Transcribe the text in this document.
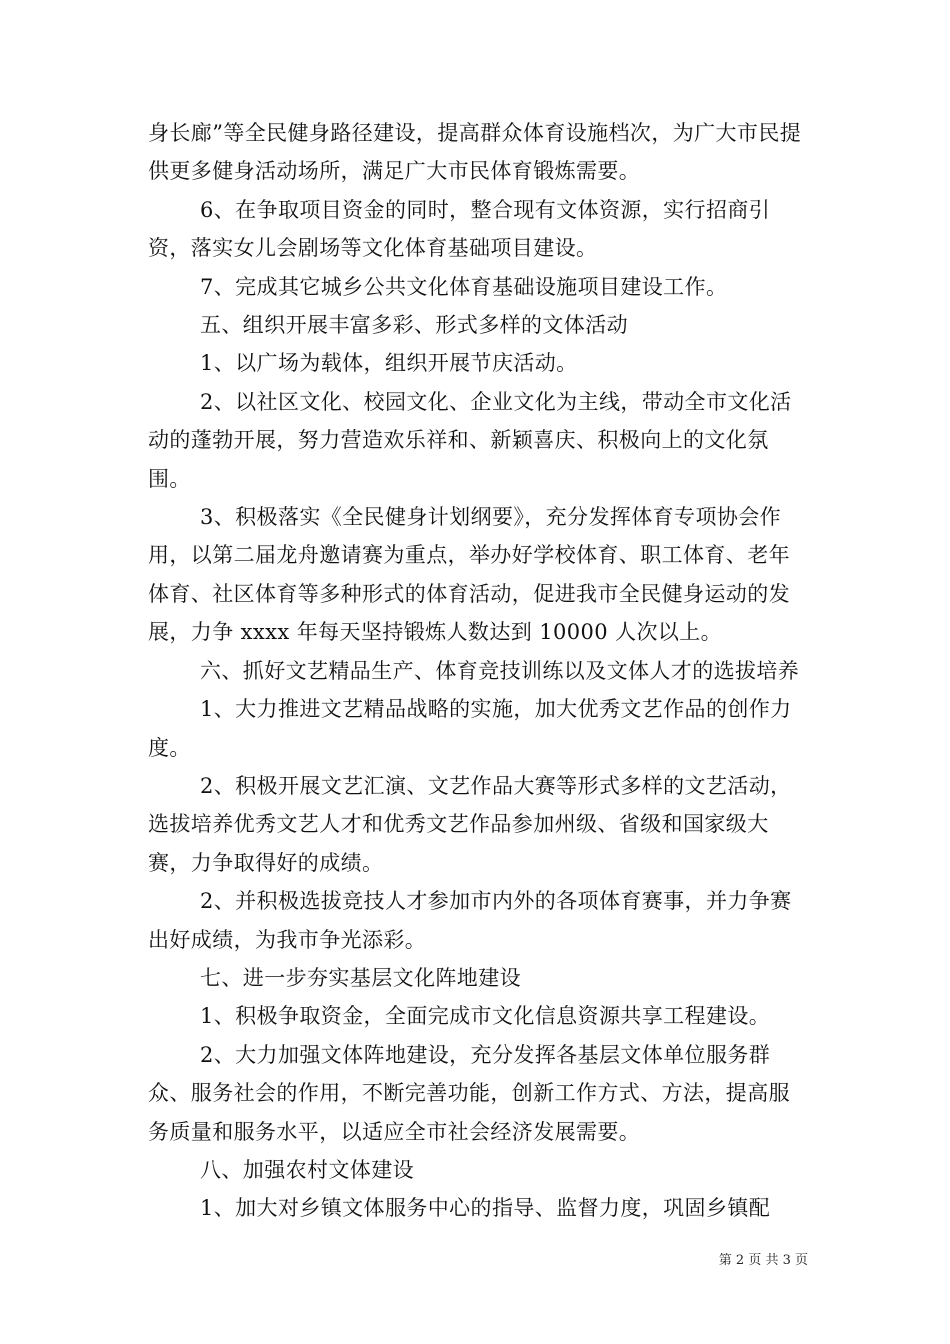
身长廊”等全民健身路径建设，提高群众体育设施档次，为广大市民提供更多健身活动场所，满足广大市民体育锻炼需要。

6、在争取项目资金的同时，整合现有文体资源，实行招商引资，落实女儿会剧场等文化体育基础项目建设。

7、完成其它城乡公共文化体育基础设施项目建设工作。

五、组织开展丰富多彩、形式多样的文体活动

1、以广场为载体，组织开展节庆活动。

2、以社区文化、校园文化、企业文化为主线，带动全市文化活动的蓬勃开展，努力营造欢乐祥和、新颖喜庆、积极向上的文化氛围。

3、积极落实《全民健身计划纲要》，充分发挥体育专项协会作用，以第二届龙舟邀请赛为重点，举办好学校体育、职工体育、老年体育、社区体育等多种形式的体育活动，促进我市全民健身运动的发展，力争 xxxx 年每天坚持锻炼人数达到 10000 人次以上。

六、抓好文艺精品生产、体育竞技训练以及文体人才的选拔培养

1、大力推进文艺精品战略的实施，加大优秀文艺作品的创作力度。

2、积极开展文艺汇演、文艺作品大赛等形式多样的文艺活动，选拔培养优秀文艺人才和优秀文艺作品参加州级、省级和国家级大赛，力争取得好的成绩。

2、并积极选拔竞技人才参加市内外的各项体育赛事，并力争赛出好成绩，为我市争光添彩。

七、进一步夯实基层文化阵地建设

1、积极争取资金，全面完成市文化信息资源共享工程建设。

2、大力加强文体阵地建设，充分发挥各基层文体单位服务群众、服务社会的作用，不断完善功能，创新工作方式、方法，提高服务质量和服务水平，以适应全市社会经济发展需要。

八、加强农村文体建设

1、加大对乡镇文体服务中心的指导、监督力度，巩固乡镇配

第 2 页 共 3 页
